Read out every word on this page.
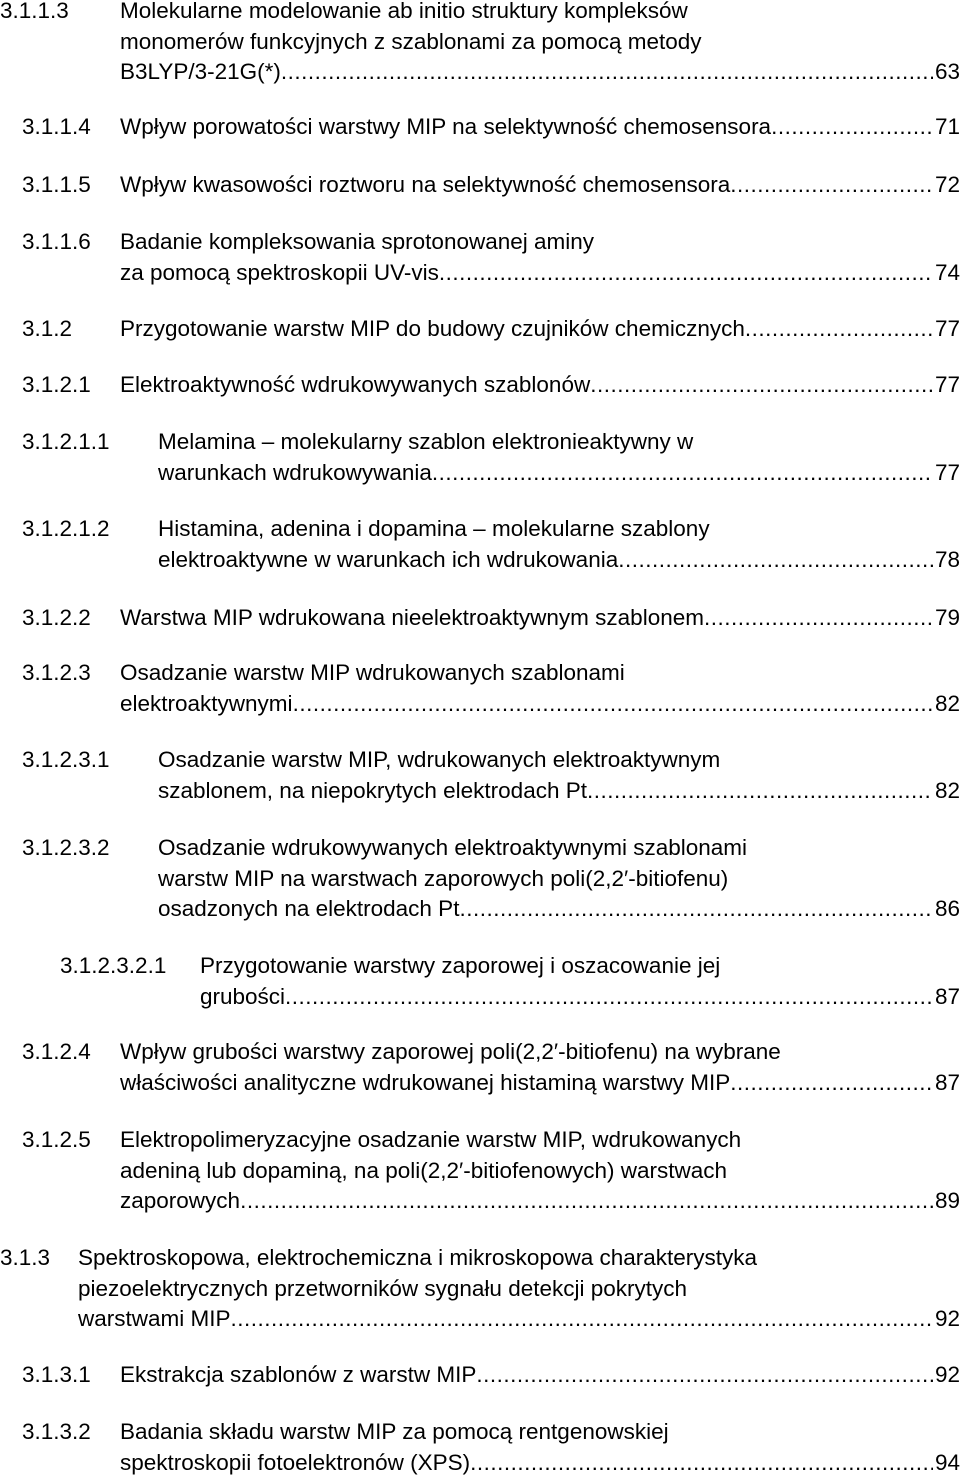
3.1.1.3 Molekularne modelowanie ab initio struktury kompleksów
monomerów funkcyjnych z szablonami za pomocą metody
B3LYP/3-21G(*) .....	63
3.1.1.4 Wpływ porowatości warstwy MIP na selektywność chemosensora .....	71
3.1.1.5 Wpływ kwasowości roztworu na selektywność chemosensora .....	72
3.1.1.6 Badanie kompleksowania sprotonowanej aminy
za pomocą spektroskopii UV-vis .....	74
3.1.2 Przygotowanie warstw MIP do budowy czujników chemicznych .....	77
3.1.2.1 Elektroaktywność wdrukowywanych szablonów .....	77
3.1.2.1.1 Melamina – molekularny szablon elektronieaktywny w
warunkach wdrukowywania .....	77
3.1.2.1.2 Histamina, adenina i dopamina – molekularne szablony
elektroaktywne w warunkach ich wdrukowania .....	78
3.1.2.2 Warstwa MIP wdrukowana nieelektroaktywnym szablonem .....	79
3.1.2.3 Osadzanie warstw MIP wdrukowanych szablonami
elektroaktywnymi .....	82
3.1.2.3.1 Osadzanie warstw MIP, wdrukowanych elektroaktywnym
szablonem, na niepokrytych elektrodach Pt .....	82
3.1.2.3.2 Osadzanie wdrukowywanych elektroaktywnymi szablonami
warstw MIP na warstwach zaporowych poli(2,2′-bitiofenu)
osadzonych na elektrodach Pt .....	86
3.1.2.3.2.1 Przygotowanie warstwy zaporowej i oszacowanie jej
grubości .....	87
3.1.2.4 Wpływ grubości warstwy zaporowej poli(2,2′-bitiofenu) na wybrane
właściwości analityczne wdrukowanej histaminą warstwy MIP .....	87
3.1.2.5 Elektropolimeryzacyjne osadzanie warstw MIP, wdrukowanych
adeniną lub dopaminą, na poli(2,2′-bitiofenowych) warstwach
zaporowych .....	89
3.1.3 Spektroskopowa, elektrochemiczna i mikroskopowa charakterystyka
piezoelektrycznych przetworników sygnału detekcji pokrytych
warstwami MIP .....	92
3.1.3.1 Ekstrakcja szablonów z warstw MIP .....	92
3.1.3.2 Badania składu warstw MIP za pomocą rentgenowskiej
spektroskopii fotoelektronów (XPS) .....	94
